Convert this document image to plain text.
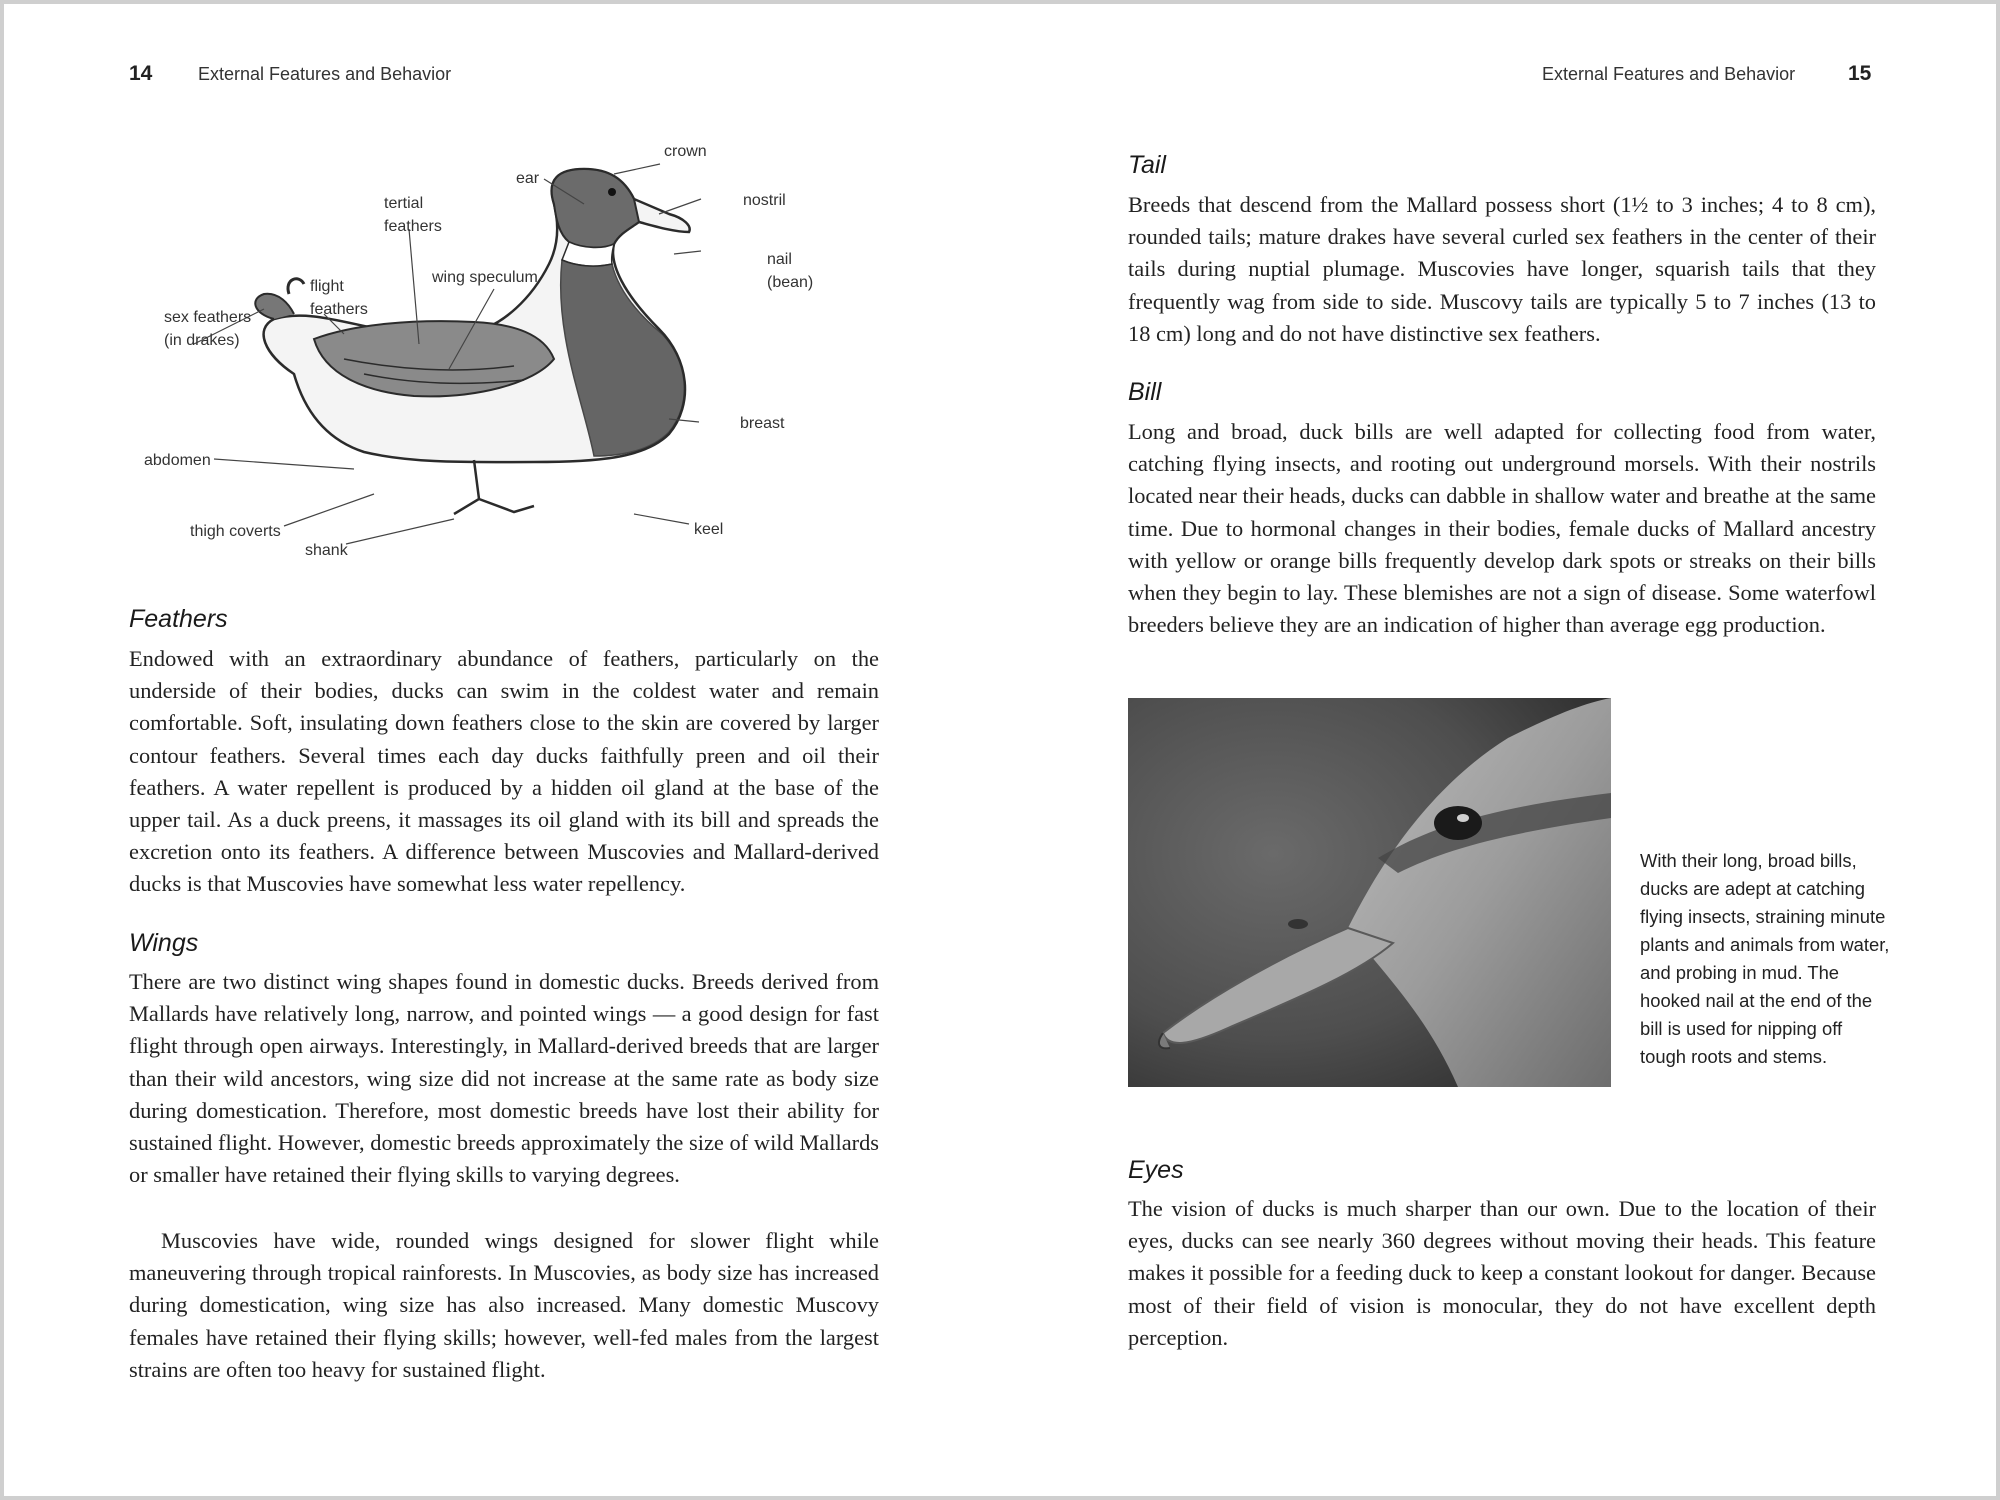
14	External Features and Behavior
crown
ear
nostril
tertial
feathers
nail
(bean)
wing speculum
flight
feathers
sex feathers
(in drakes)
breast
abdomen
keel
thigh coverts
shank
Feathers

Endowed with an extraordinary abundance of feathers, particularly on the underside of their bodies, ducks can swim in the coldest water and remain comfortable. Soft, insulating down feathers close to the skin are covered by larger contour feathers. Several times each day ducks faithfully preen and oil their feathers. A water repellent is produced by a hidden oil gland at the base of the upper tail. As a duck preens, it massages its oil gland with its bill and spreads the excretion onto its feathers. A difference between Muscovies and Mallard-derived ducks is that Muscovies have somewhat less water repellency.

Wings

There are two distinct wing shapes found in domestic ducks. Breeds derived from Mallards have relatively long, narrow, and pointed wings — a good design for fast flight through open airways. Interestingly, in Mallard-derived breeds that are larger than their wild ancestors, wing size did not increase at the same rate as body size during domestication. Therefore, most domestic breeds have lost their ability for sustained flight. However, domestic breeds approximately the size of wild Mallards or smaller have retained their flying skills to varying degrees.

Muscovies have wide, rounded wings designed for slower flight while maneuvering through tropical rainforests. In Muscovies, as body size has increased during domestication, wing size has also increased. Many domestic Muscovy females have retained their flying skills; however, well-fed males from the largest strains are often too heavy for sustained flight.

External Features and Behavior	15
Tail

Breeds that descend from the Mallard possess short (1½ to 3 inches; 4 to 8 cm), rounded tails; mature drakes have several curled sex feathers in the center of their tails during nuptial plumage. Muscovies have longer, squarish tails that they frequently wag from side to side. Muscovy tails are typically 5 to 7 inches (13 to 18 cm) long and do not have distinctive sex feathers.

Bill

Long and broad, duck bills are well adapted for collecting food from water, catching flying insects, and rooting out underground morsels. With their nostrils located near their heads, ducks can dabble in shallow water and breathe at the same time. Due to hormonal changes in their bodies, female ducks of Mallard ancestry with yellow or orange bills frequently develop dark spots or streaks on their bills when they begin to lay. These blemishes are not a sign of disease. Some waterfowl breeders believe they are an indication of higher than average egg production.

With their long, broad bills, ducks are adept at catching flying insects, straining minute plants and animals from water, and probing in mud. The hooked nail at the end of the bill is used for nipping off tough roots and stems.
Eyes

The vision of ducks is much sharper than our own. Due to the location of their eyes, ducks can see nearly 360 degrees without moving their heads. This feature makes it possible for a feeding duck to keep a constant lookout for danger. Because most of their field of vision is monocular, they do not have excellent depth perception.
